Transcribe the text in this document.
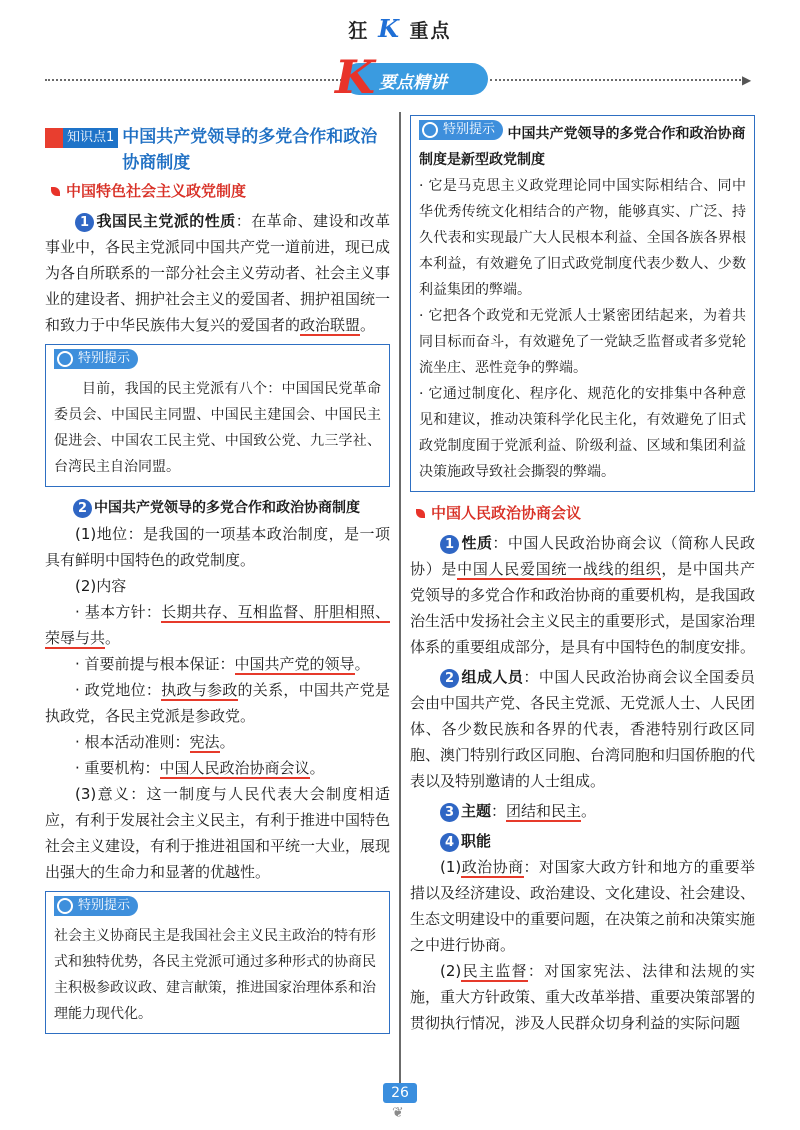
狂 K 重点
▶
K 要点精讲
知识点1 中国共产党领导的多党合作和政治协商制度
中国特色社会主义政党制度

1 我国民主党派的性质：在革命、建设和改革事业中，各民主党派同中国共产党一道前进，现已成为各自所联系的一部分社会主义劳动者、社会主义事业的建设者、拥护社会主义的爱国者、拥护祖国统一和致力于中华民族伟大复兴的爱国者的政治联盟。

特别提示

目前，我国的民主党派有八个：中国国民党革命委员会、中国民主同盟、中国民主建国会、中国民主促进会、中国农工民主党、中国致公党、九三学社、台湾民主自治同盟。

2 中国共产党领导的多党合作和政治协商制度

(1)地位：是我国的一项基本政治制度，是一项具有鲜明中国特色的政党制度。

(2)内容

· 基本方针：长期共存、互相监督、肝胆相照、荣辱与共。

· 首要前提与根本保证：中国共产党的领导。

· 政党地位：执政与参政的关系，中国共产党是执政党，各民主党派是参政党。

· 根本活动准则：宪法。

· 重要机构：中国人民政治协商会议。

(3)意义：这一制度与人民代表大会制度相适应，有利于发展社会主义民主，有利于推进中国特色社会主义建设，有利于推进祖国和平统一大业，展现出强大的生命力和显著的优越性。

特别提示

社会主义协商民主是我国社会主义民主政治的特有形式和独特优势，各民主党派可通过多种形式的协商民主积极参政议政、建言献策，推进国家治理体系和治理能力现代化。

特别提示 中国共产党领导的多党合作和政治协商制度是新型政党制度

· 它是马克思主义政党理论同中国实际相结合、同中华优秀传统文化相结合的产物，能够真实、广泛、持久代表和实现最广大人民根本利益、全国各族各界根本利益，有效避免了旧式政党制度代表少数人、少数利益集团的弊端。

· 它把各个政党和无党派人士紧密团结起来，为着共同目标而奋斗，有效避免了一党缺乏监督或者多党轮流坐庄、恶性竞争的弊端。

· 它通过制度化、程序化、规范化的安排集中各种意见和建议，推动决策科学化民主化，有效避免了旧式政党制度囿于党派利益、阶级利益、区域和集团利益决策施政导致社会撕裂的弊端。

中国人民政治协商会议

1 性质：中国人民政治协商会议（简称人民政协）是中国人民爱国统一战线的组织，是中国共产党领导的多党合作和政治协商的重要机构，是我国政治生活中发扬社会主义民主的重要形式，是国家治理体系的重要组成部分，是具有中国特色的制度安排。

2 组成人员：中国人民政治协商会议全国委员会由中国共产党、各民主党派、无党派人士、人民团体、各少数民族和各界的代表，香港特别行政区同胞、澳门特别行政区同胞、台湾同胞和归国侨胞的代表以及特别邀请的人士组成。

3 主题：团结和民主。

4 职能

(1)政治协商：对国家大政方针和地方的重要举措以及经济建设、政治建设、文化建设、社会建设、生态文明建设中的重要问题，在决策之前和决策实施之中进行协商。

(2)民主监督：对国家宪法、法律和法规的实施，重大方针政策、重大改革举措、重要决策部署的贯彻执行情况，涉及人民群众切身利益的实际问题

26
❦
